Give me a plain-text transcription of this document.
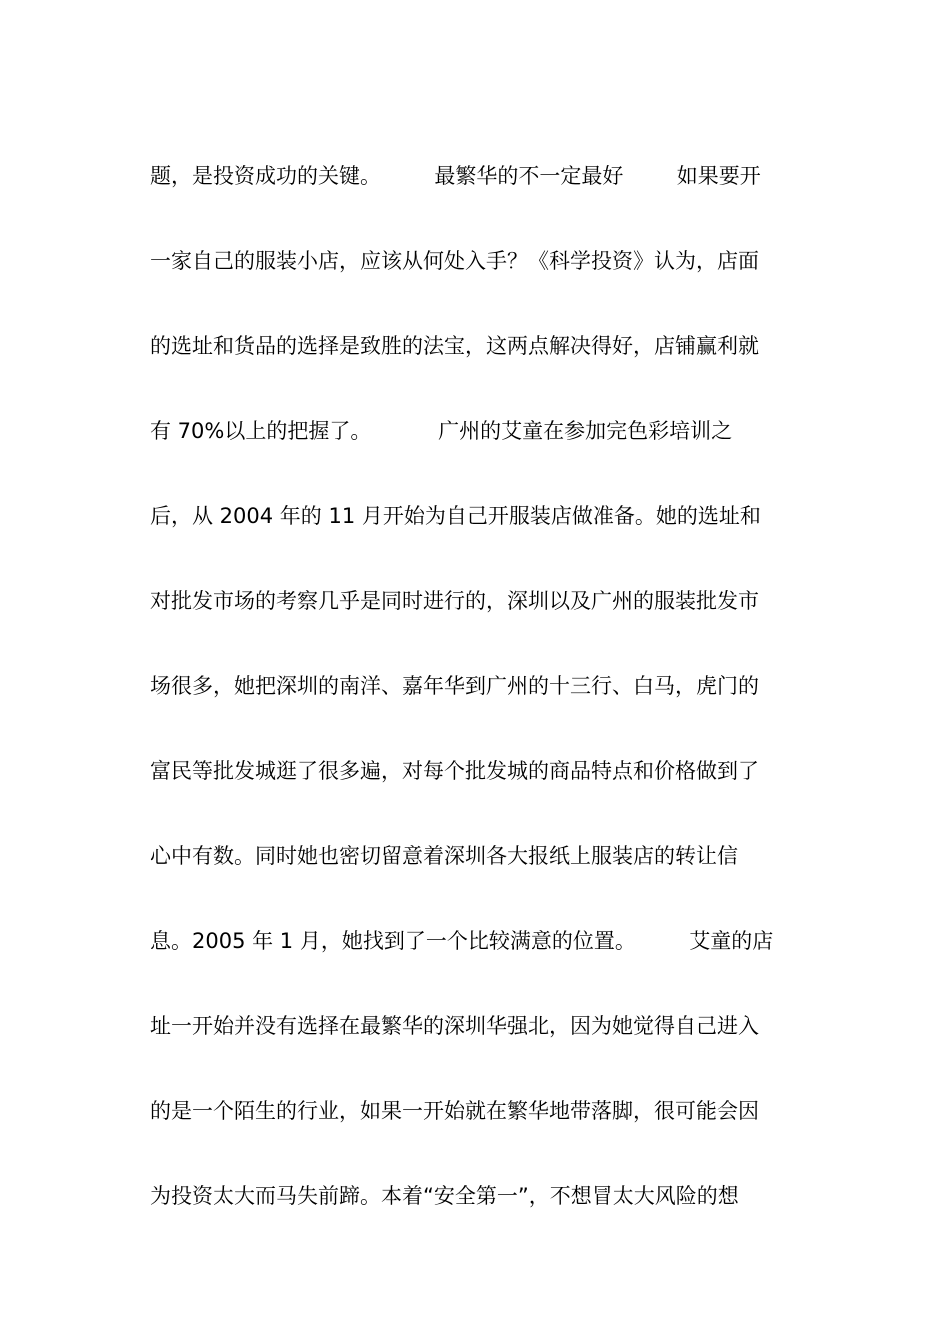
题，是投资成功的关键。        最繁华的不一定最好        如果要开
一家自己的服装小店，应该从何处入手？《科学投资》认为，店面
的选址和货品的选择是致胜的法宝，这两点解决得好，店铺赢利就
有 70%以上的把握了。          广州的艾童在参加完色彩培训之
后，从 2004 年的 11 月开始为自己开服装店做准备。她的选址和
对批发市场的考察几乎是同时进行的，深圳以及广州的服装批发市
场很多，她把深圳的南洋、嘉年华到广州的十三行、白马，虎门的
富民等批发城逛了很多遍，对每个批发城的商品特点和价格做到了
心中有数。同时她也密切留意着深圳各大报纸上服装店的转让信
息。2005 年 1 月，她找到了一个比较满意的位置。        艾童的店
址一开始并没有选择在最繁华的深圳华强北，因为她觉得自己进入
的是一个陌生的行业，如果一开始就在繁华地带落脚，很可能会因
为投资太大而马失前蹄。本着“安全第一”，不想冒太大风险的想
